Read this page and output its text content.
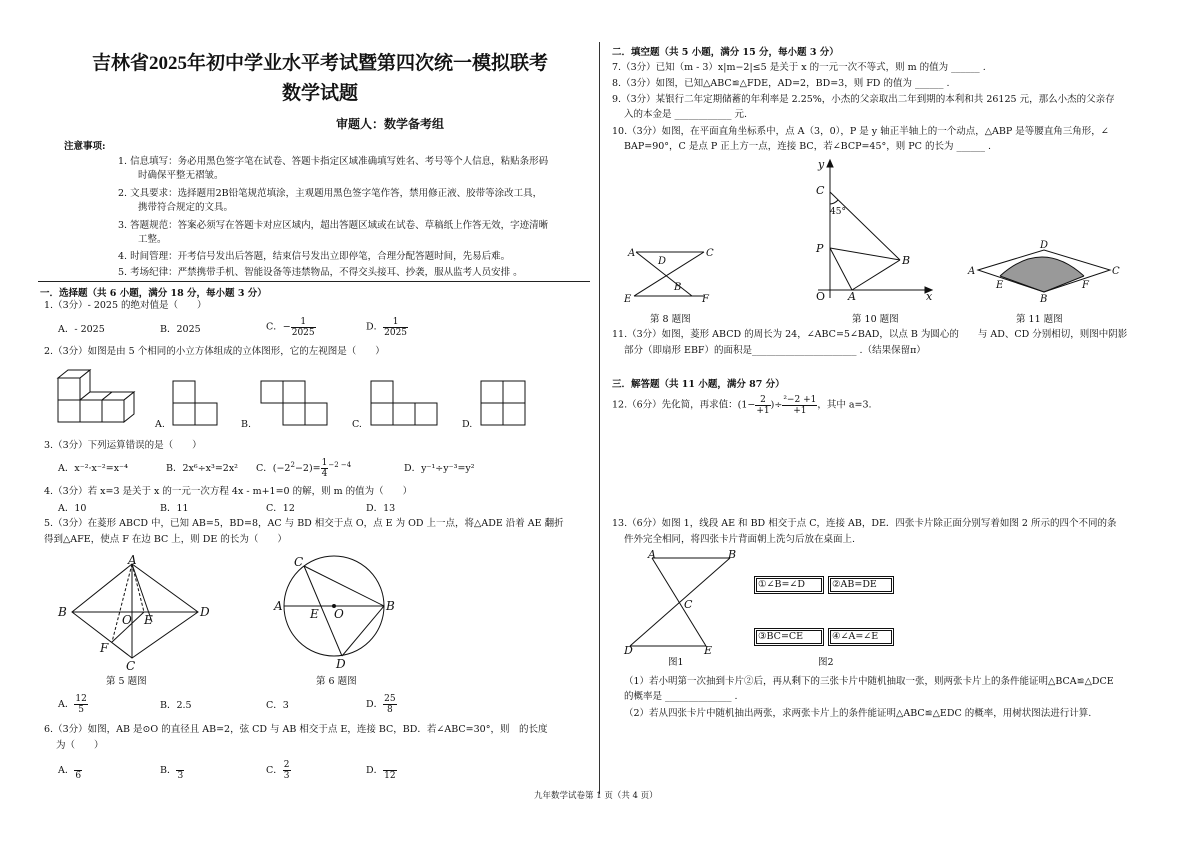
吉林省2025年初中学业水平考试暨第四次统一模拟联考
数学试题
审题人：数学备考组
注意事项:
1. 信息填写：务必用黑色签字笔在试卷、答题卡指定区域准确填写姓名、考号等个人信息，粘贴条形码
时确保平整无褶皱。
2. 文具要求：选择题用2B铅笔规范填涂，主观题用黑色签字笔作答，禁用修正液、胶带等涂改工具，
携带符合规定的文具。
3. 答题规范：答案必须写在答题卡对应区域内，超出答题区域或在试卷、草稿纸上作答无效，字迹清晰
工整。
4. 时间管理：开考信号发出后答题，结束信号发出立即停笔，合理分配答题时间，先易后难。
5. 考场纪律：严禁携带手机、智能设备等违禁物品，不得交头接耳、抄袭，服从监考人员安排 。
一．选择题（共 6 小题，满分 18 分，每小题 3 分）
1.（3分）- 2025 的绝对值是（　　）
A．- 2025	B．2025	C．− $\frac{1}{2025}$	D． $\frac{1}{2025}$
2.（3分）如图是由 5 个相同的小立方体组成的立体图形，它的左视图是（　　）
A.	B.	C.	D.
3.（3分）下列运算错误的是（　　）
A．x⁻²·x⁻²=x⁻⁴	B．2x⁶÷x³=2x² C．$(-2^2-2)= \frac{1}{4} ^{-2 -4}$	D．y⁻¹÷y⁻³=y²
4.（3分）若 x=3 是关于 x 的一元一次方程 4x - m+1=0 的解，则 m 的值为（　　）
A．10	B．11	C．12	D．13
5.（3分）在菱形 ABCD 中，已知 AB=5，BD=8，AC 与 BD 相交于点 O，点 E 为 OD 上一点，将△ADE 沿着 AE 翻折
得到△AFE，使点 F 在边 BC 上，则 DE 的长为（　　）
A
B
C
D
E
O
F
第 5 题图
C
A	B
D
E O
第 6 题图
A． $\frac{12}{5}$	B．2.5	C．3	D． $\frac{25}{8}$
6.（3分）如图，AB 是⊙O 的直径且 AB=2，弦 CD 与 AB 相交于点 E，连接 BC，BD．若∠ABC=30°，则　的长度
为（　　）
A．
6	B．
3	C． $\frac{2}{3}$	D．
12
二．填空题（共 5 小题，满分 15 分，每小题 3 分）
7.（3分）已知（m - 3）x|m−2|≤5 是关于 x 的一元一次不等式，则 m 的值为 ______ .
8.（3分）如图，已知△ABC≌△FDE，AD=2，BD=3，则 FD 的值为 ______ .
9.（3分）某银行二年定期储蓄的年利率是 2.25%，小杰的父亲取出二年到期的本利和共 26125 元，那么小杰的父亲存
入的本金是 ____________ 元.
10.（3分）如图，在平面直角坐标系中，点 A（3，0），P 是 y 轴正半轴上的一个动点，△ABP 是等腰直角三角形，∠
BAP=90°，C 是点 P 正上方一点，连接 BC，若∠BCP=45°，则 PC 的长为 ______ .
A	C
D
B
E	F
第 8 题图
y
C
45°
P
B
O A	x
第 10 题图
A
D
C
B
E	F
第 11 题图
11.（3分）如图，菱形 ABCD 的周长为 24，∠ABC=5∠BAD，以点 B 为圆心的　　与 AD、CD 分别相切，则图中阴影
部分（即扇形 EBF）的面积是______________________ .（结果保留π）
三．解答题（共 11 小题，满分 87 分）
12.（6分）先化简，再求值：($1- \frac{2}{+1}$ )÷ $\frac{\text{²−2 +1}}{+1}$ ，其中 a=3.
13.（6分）如图 1，线段 AE 和 BD 相交于点 C，连接 AB，DE．四张卡片除正面分别写着如图 2 所示的四个不同的条
件外完全相同，将四张卡片背面朝上洗匀后放在桌面上.
A	B
C
D	E
图1
①∠B=∠D	②AB=DE
③BC=CE	④∠A=∠E
图2
（1）若小明第一次抽到卡片②后，再从剩下的三张卡片中随机抽取一张，则两张卡片上的条件能证明△BCA≌△DCE
的概率是 ______________ .
（2）若从四张卡片中随机抽出两张，求两张卡片上的条件能证明△ABC≌△EDC 的概率，用树状图法进行计算.
九年数学试卷第 1 页（共 4 页）
